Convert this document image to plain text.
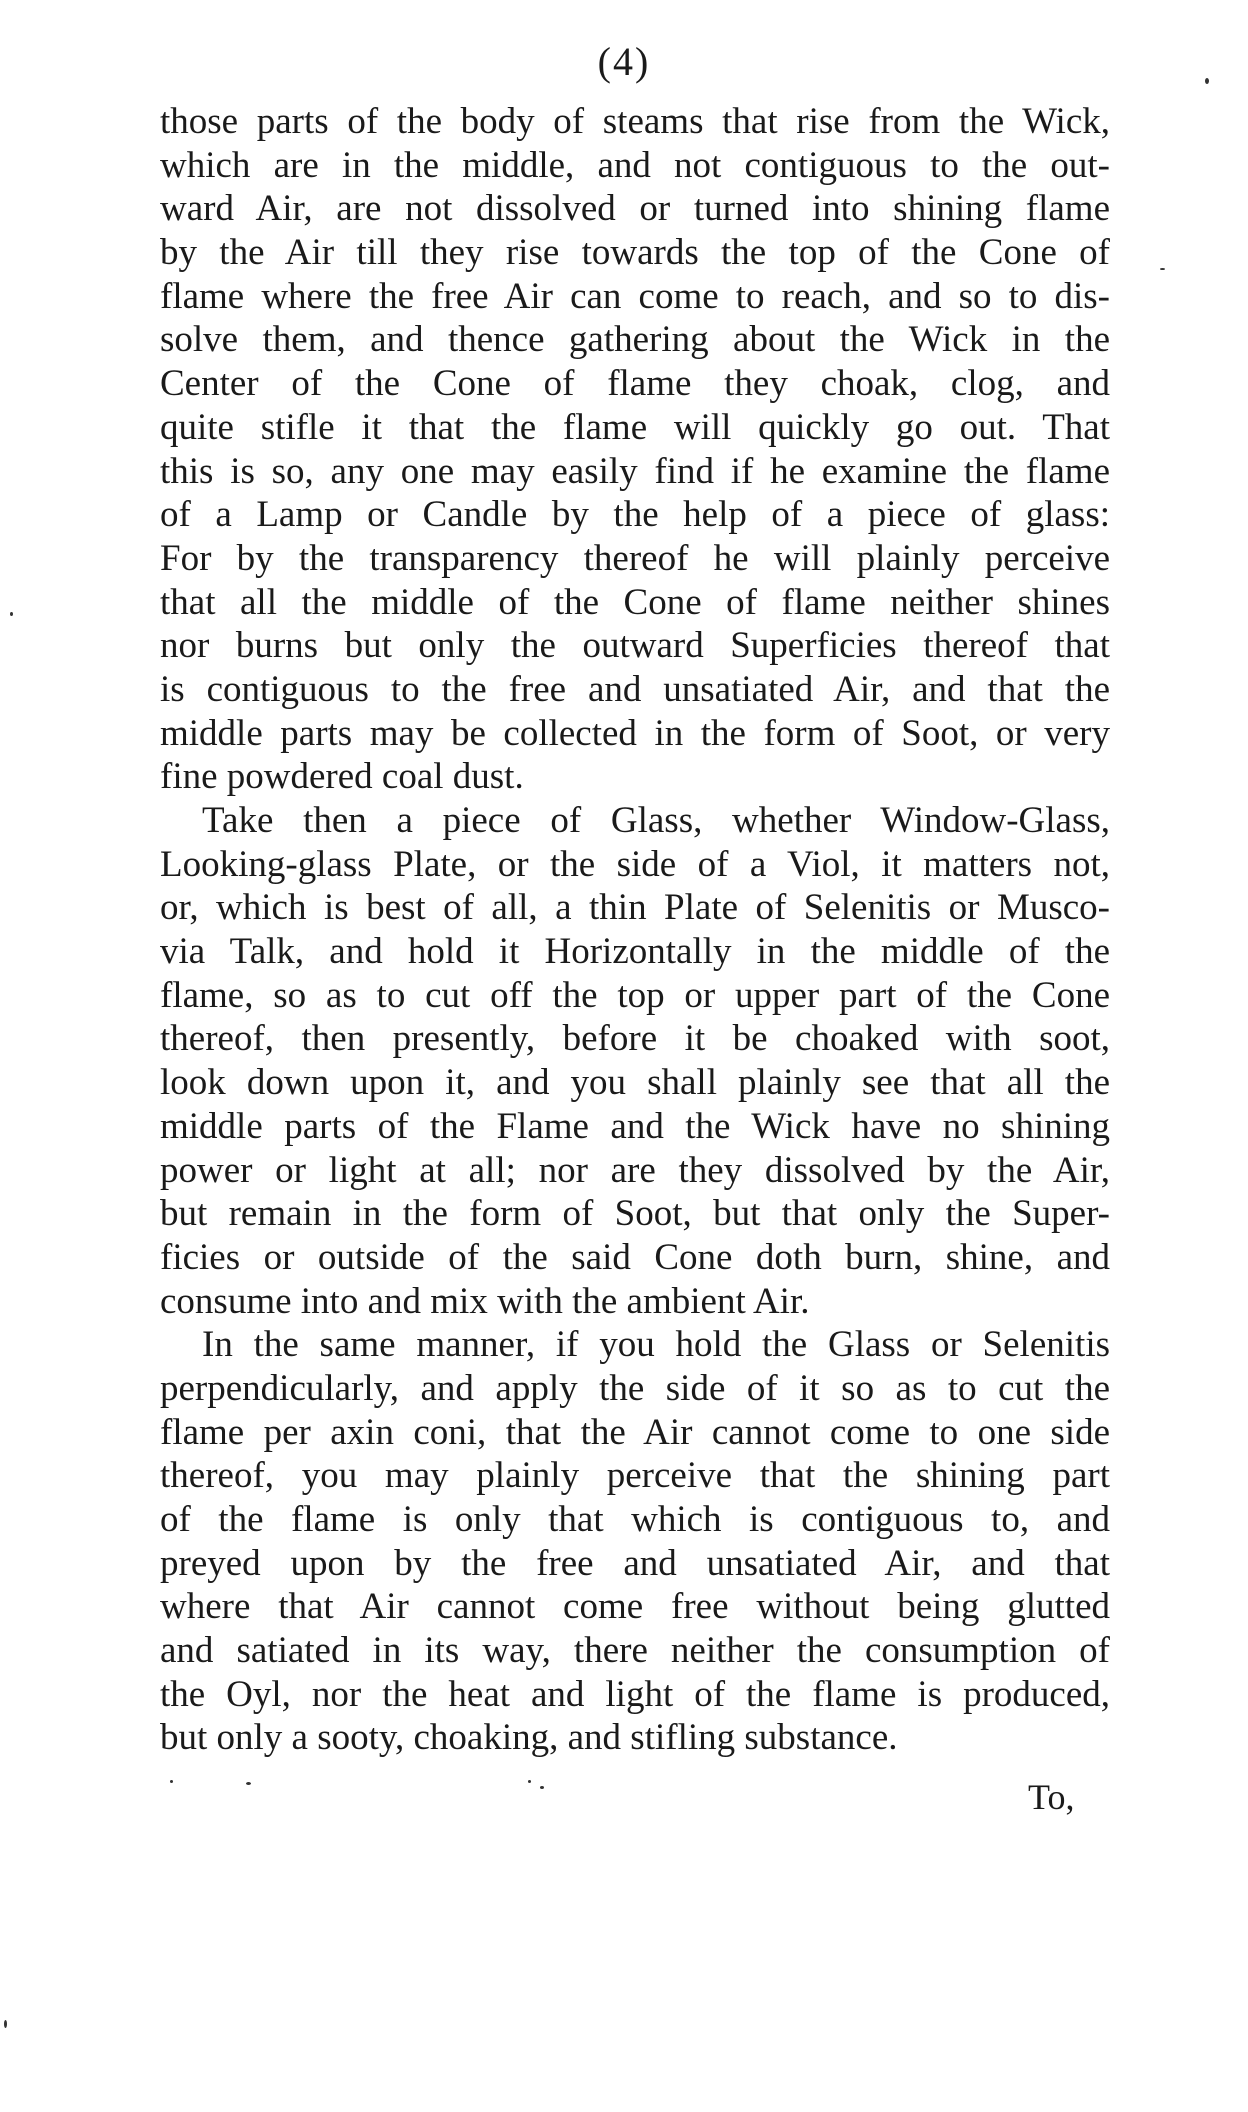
(4)
those parts of the body of steams that rise from the Wick,
which are in the middle, and not contiguous to the out-
ward Air, are not dissolved or turned into shining flame
by the Air till they rise towards the top of the Cone of
flame where the free Air can come to reach, and so to dis-
solve them, and thence gathering about the Wick in the
Center of the Cone of flame they choak, clog, and
quite stifle it that the flame will quickly go out. That
this is so, any one may easily find if he examine the flame
of a Lamp or Candle by the help of a piece of glass:
For by the transparency thereof he will plainly perceive
that all the middle of the Cone of flame neither shines
nor burns but only the outward Superficies thereof that
is contiguous to the free and unsatiated Air, and that the
middle parts may be collected in the form of Soot, or very
fine powdered coal dust.
Take then a piece of Glass, whether Window-Glass,
Looking-glass Plate, or the side of a Viol, it matters not,
or, which is best of all, a thin Plate of Selenitis or Musco-
via Talk, and hold it Horizontally in the middle of the
flame, so as to cut off the top or upper part of the Cone
thereof, then presently, before it be choaked with soot,
look down upon it, and you shall plainly see that all the
middle parts of the Flame and the Wick have no shining
power or light at all; nor are they dissolved by the Air,
but remain in the form of Soot, but that only the Super-
ficies or outside of the said Cone doth burn, shine, and
consume into and mix with the ambient Air.
In the same manner, if you hold the Glass or Selenitis
perpendicularly, and apply the side of it so as to cut the
flame per axin coni, that the Air cannot come to one side
thereof, you may plainly perceive that the shining part
of the flame is only that which is contiguous to, and
preyed upon by the free and unsatiated Air, and that
where that Air cannot come free without being glutted
and satiated in its way, there neither the consumption of
the Oyl, nor the heat and light of the flame is produced,
but only a sooty, choaking, and stifling substance.
To,
